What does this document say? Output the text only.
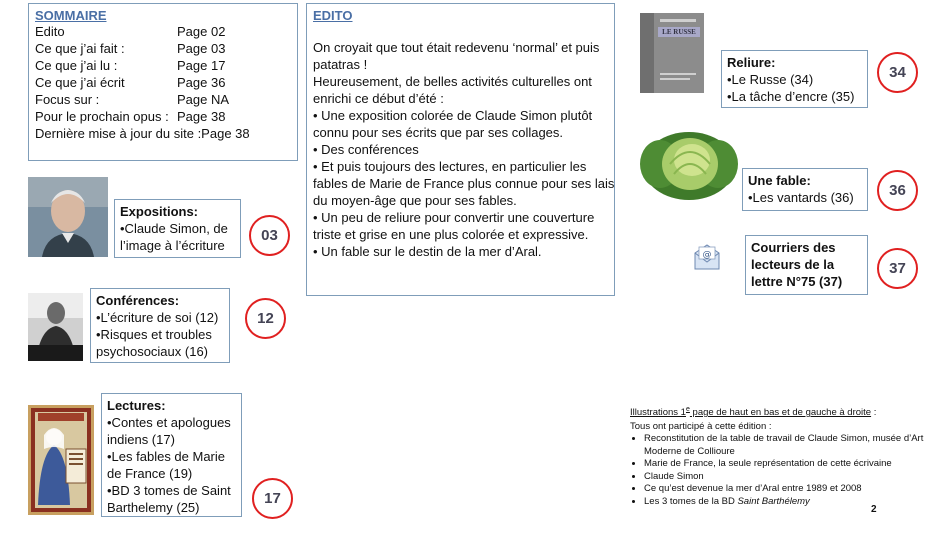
SOMMAIRE
Edito	Page 02
Ce que j’ai fait :	Page 03
Ce que j’ai lu :	Page 17
Ce que j’ai écrit	Page 36
Focus sur :	Page NA
Pour le prochain opus : Page 38
Dernière mise à jour du site :Page 38
EDITO
On croyait que tout était redevenu ‘normal’ et puis
patatras !
Heureusement, de belles activités culturelles ont
enrichi ce début d’été :
• Une exposition colorée de Claude Simon plutôt
connu pour ses écrits que par ses collages.
• Des conférences
• Et puis toujours des lectures, en particulier les
fables de Marie de France plus connue pour ses lais
du moyen-âge que pour ses fables.
• Un peu de reliure pour convertir une couverture
triste et grise en une plus colorée et expressive.
• Un fable sur le destin de la mer d’Aral.
Expositions:
•Claude Simon, de
l’image à l’écriture
03
Conférences:
•L’écriture de soi (12)
•Risques et troubles
psychosociaux (16)
12
Lectures:
•Contes et apologues
indiens (17)
•Les fables de Marie
de France (19)
•BD 3 tomes de Saint
Barthelemy (25)
17
LE RUSSE
Reliure:
•Le Russe (34)
•La tâche d’encre (35)
34
Une fable:
•Les vantards (36)	36
@	Courriers des
lecteurs de la
lettre N°75 (37)
37
Illustrations 1e page de haut en bas et de gauche à droite :
Tous ont participé à cette édition :
• Reconstitution de la table de travail de Claude Simon, musée d’Art
Moderne de Collioure
• Marie de France, la seule représentation de cette écrivaine
• Claude Simon
• Ce qu’est devenue la mer d’Aral entre 1989 et 2008
• Les 3 tomes de la BD Saint Barthélemy
2
